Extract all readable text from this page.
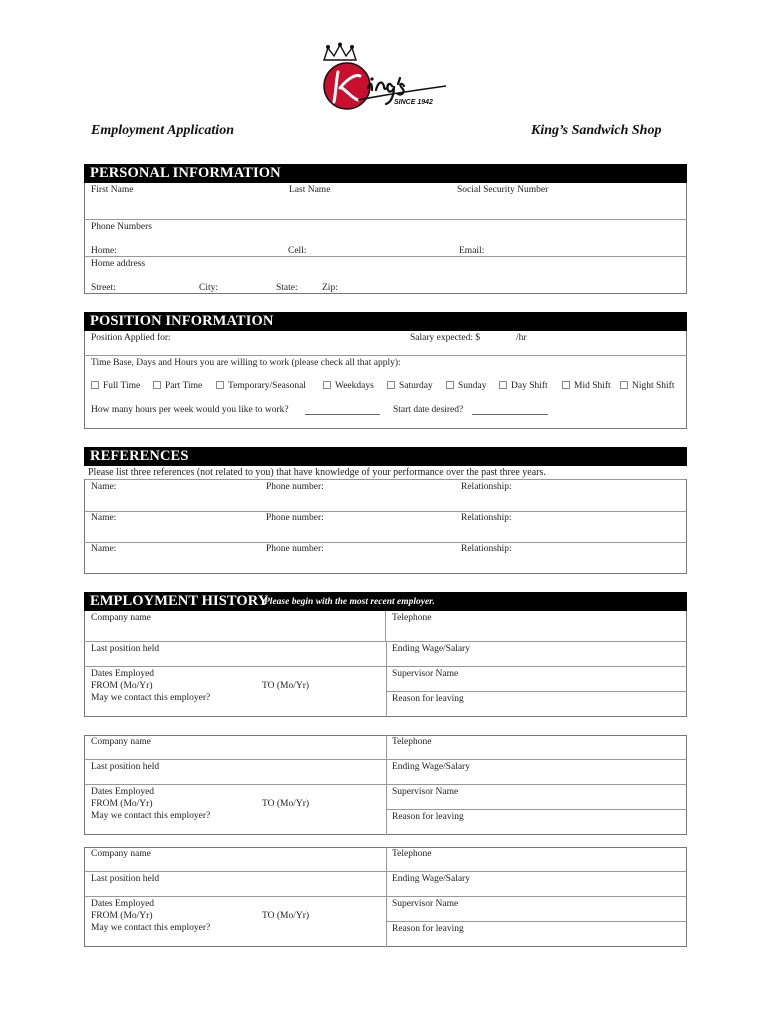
SINCE 1942
Employment Application	King’s Sandwich Shop
PERSONAL INFORMATION
First Name	Last Name	Social Security Number
Phone Numbers
Home:	Cell:	Email:
Home address
Street:	City:	State:	Zip:
POSITION INFORMATION
Position Applied for:	Salary expected: $	/hr
Time Base, Days and Hours you are willing to work (please check all that apply):
Full Time	Part Time	Temporary/Seasonal	Weekdays	Saturday	Sunday	Day Shift	Mid Shift	Night Shift
How many hours per week would you like to work?	Start date desired?
REFERENCES
Please list three references (not related to you) that have knowledge of your performance over the past three years.
Name:	Phone number:	Relationship:
Name:	Phone number:	Relationship:
Name:	Phone number:	Relationship:
EMPLOYMENT HISTORY
Please begin with the most recent employer.
Company name	Telephone
Last position held	Ending Wage/Salary
Dates Employed	Supervisor Name
FROM (Mo/Yr)	TO (Mo/Yr)
May we contact this employer?	Reason for leaving
Company name	Telephone
Last position held	Ending Wage/Salary
Dates Employed	Supervisor Name
FROM (Mo/Yr)	TO (Mo/Yr)
May we contact this employer?	Reason for leaving
Company name	Telephone
Last position held	Ending Wage/Salary
Dates Employed	Supervisor Name
FROM (Mo/Yr)	TO (Mo/Yr)
May we contact this employer?	Reason for leaving
